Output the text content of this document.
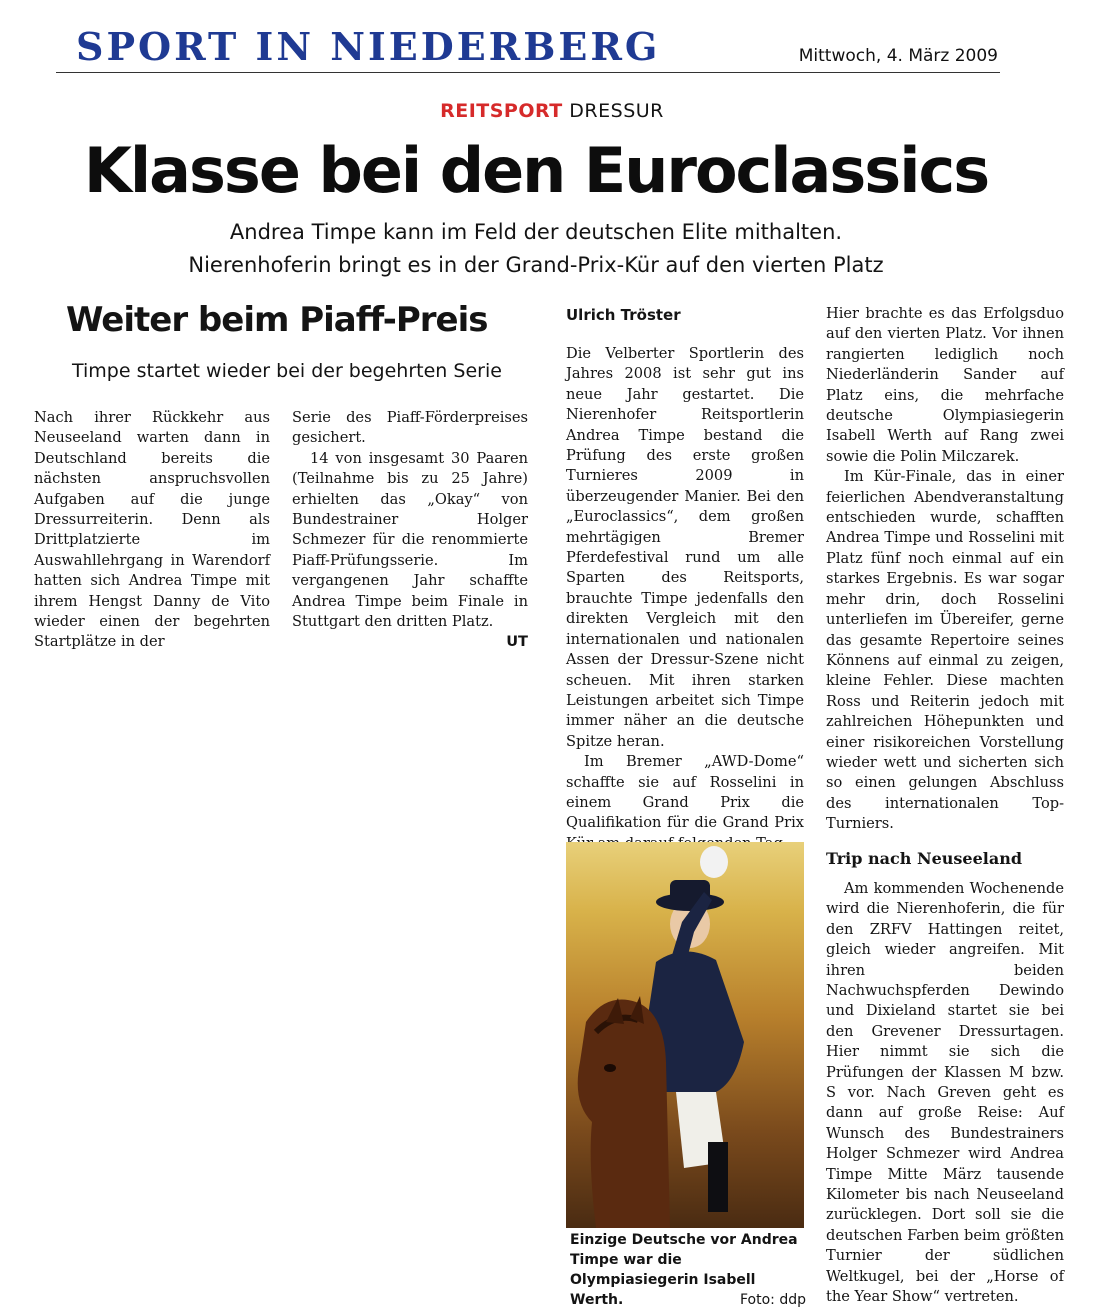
SPORT IN NIEDERBERG	Mittwoch, 4. März 2009
REITSPORT DRESSUR
Klasse bei den Euroclassics
Andrea Timpe kann im Feld der deutschen Elite mithalten.
Nierenhoferin bringt es in der Grand-Prix-Kür auf den vierten Platz
Weiter beim Piaff-Preis
Timpe startet wieder bei der begehrten Serie

Nach ihrer Rückkehr aus Neuseeland warten dann in Deutschland bereits die nächsten anspruchsvollen Aufgaben auf die junge Dressurreiterin. Denn als Drittplatzierte im Auswahllehrgang in Warendorf hatten sich Andrea Timpe mit ihrem Hengst Danny de Vito wieder einen der begehrten Startplätze in der

Serie des Piaff-Förderpreises gesichert.

14 von insgesamt 30 Paaren (Teilnahme bis zu 25 Jahre) erhielten das „Okay“ von Bundestrainer Holger Schmezer für die renommierte Piaff-Prüfungsserie. Im vergangenen Jahr schaffte Andrea Timpe beim Finale in Stuttgart den dritten Platz.
UT

Ulrich Tröster

Die Velberter Sportlerin des Jahres 2008 ist sehr gut ins neue Jahr gestartet. Die Nierenhofer Reitsportlerin Andrea Timpe bestand die Prüfung des erste großen Turnieres 2009 in überzeugender Manier. Bei den „Euroclassics“, dem großen mehrtägigen Bremer Pferdefestival rund um alle Sparten des Reitsports, brauchte Timpe jedenfalls den direkten Vergleich mit den internationalen und nationalen Assen der Dressur-Szene nicht scheuen. Mit ihren starken Leistungen arbeitet sich Timpe immer näher an die deutsche Spitze heran.

Im Bremer „AWD-Dome“ schaffte sie auf Rosselini in einem Grand Prix die Qualifikation für die Grand Prix

Einzige Deutsche vor Andrea Timpe war die Olympiasiegerin Isabell Werth.	Foto: ddp

Hier brachte es das Erfolgsduo auf den vierten Platz. Vor ihnen rangierten lediglich noch Niederländerin Sander auf Platz eins, die mehrfache deutsche Olympiasiegerin Isabell Werth auf Rang zwei sowie die Polin Milczarek.

Im Kür-Finale, das in einer feierlichen Abendveranstaltung entschieden wurde, schafften Andrea Timpe und Rosselini mit Platz fünf noch einmal auf ein starkes Ergebnis. Es war sogar mehr drin, doch Rosselini unterliefen im Übereifer, gerne das gesamte Repertoire seines Könnens auf einmal zu zeigen, kleine Fehler. Diese machten Ross und Reiterin jedoch mit zahlreichen Höhepunkten und einer risikoreichen Vorstellung wieder wett und sicherten sich so einen gelungen Abschluss des internationalen Top-Turniers.

Trip nach Neuseeland

Am kommenden Wochenende wird die Nierenhoferin, die für den ZRFV Hattingen reitet, gleich wieder angreifen. Mit ihren beiden Nachwuchspferden Dewindo und Dixieland startet sie bei den Grevener Dressurtagen. Hier nimmt sie sich die Prüfungen der Klassen M bzw. S vor. Nach Greven geht es dann auf große Reise: Auf Wunsch des Bundestrainers Holger Schmezer wird Andrea Timpe Mitte März tausende Kilometer bis nach Neuseeland zurücklegen. Dort soll sie die deutschen Farben beim größten Turnier der südlichen Weltkugel, bei der „Horse of the Year Show“ vertreten.
